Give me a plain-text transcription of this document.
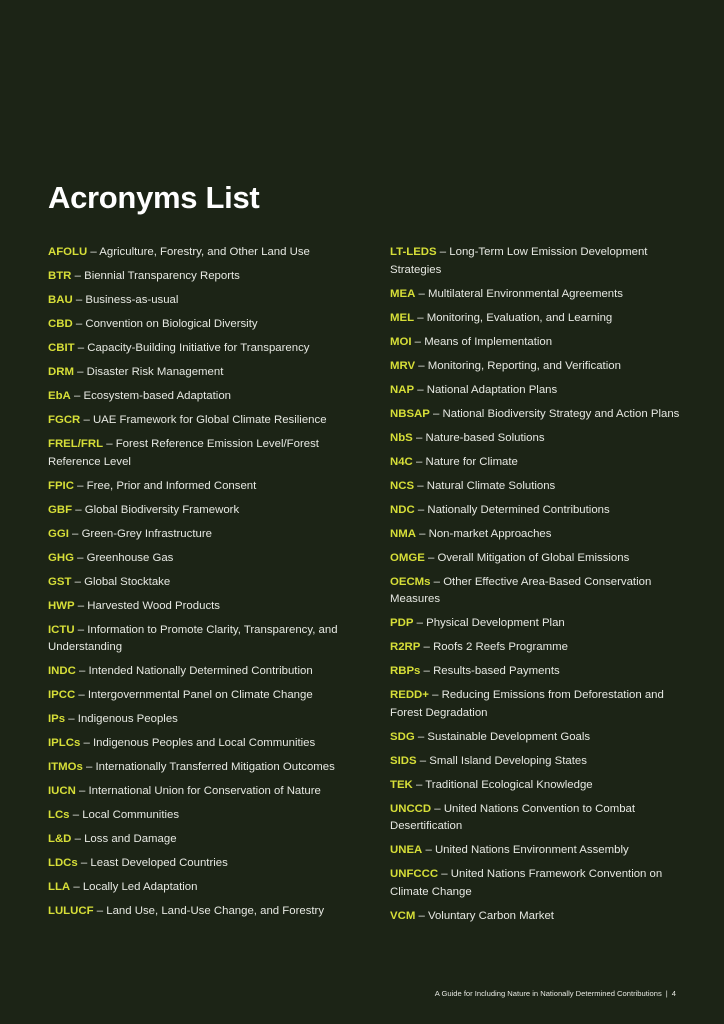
Acronyms List
AFOLU – Agriculture, Forestry, and Other Land Use
BTR – Biennial Transparency Reports
BAU – Business-as-usual
CBD – Convention on Biological Diversity
CBIT – Capacity-Building Initiative for Transparency
DRM – Disaster Risk Management
EbA – Ecosystem-based Adaptation
FGCR – UAE Framework for Global Climate Resilience
FREL/FRL – Forest Reference Emission Level/Forest Reference Level
FPIC – Free, Prior and Informed Consent
GBF – Global Biodiversity Framework
GGI – Green-Grey Infrastructure
GHG – Greenhouse Gas
GST – Global Stocktake
HWP – Harvested Wood Products
ICTU – Information to Promote Clarity, Transparency, and Understanding
INDC – Intended Nationally Determined Contribution
IPCC – Intergovernmental Panel on Climate Change
IPs – Indigenous Peoples
IPLCs – Indigenous Peoples and Local Communities
ITMOs – Internationally Transferred Mitigation Outcomes
IUCN – International Union for Conservation of Nature
LCs – Local Communities
L&D – Loss and Damage
LDCs – Least Developed Countries
LLA – Locally Led Adaptation
LULUCF – Land Use, Land-Use Change, and Forestry
LT-LEDS – Long-Term Low Emission Development Strategies
MEA – Multilateral Environmental Agreements
MEL – Monitoring, Evaluation, and Learning
MOI – Means of Implementation
MRV – Monitoring, Reporting, and Verification
NAP – National Adaptation Plans
NBSAP – National Biodiversity Strategy and Action Plans
NbS – Nature-based Solutions
N4C – Nature for Climate
NCS – Natural Climate Solutions
NDC – Nationally Determined Contributions
NMA – Non-market Approaches
OMGE – Overall Mitigation of Global Emissions
OECMs – Other Effective Area-Based Conservation Measures
PDP – Physical Development Plan
R2RP – Roofs 2 Reefs Programme
RBPs – Results-based Payments
REDD+ – Reducing Emissions from Deforestation and Forest Degradation
SDG – Sustainable Development Goals
SIDS – Small Island Developing States
TEK – Traditional Ecological Knowledge
UNCCD – United Nations Convention to Combat Desertification
UNEA – United Nations Environment Assembly
UNFCCC – United Nations Framework Convention on Climate Change
VCM – Voluntary Carbon Market
A Guide for Including Nature in Nationally Determined Contributions | 4
